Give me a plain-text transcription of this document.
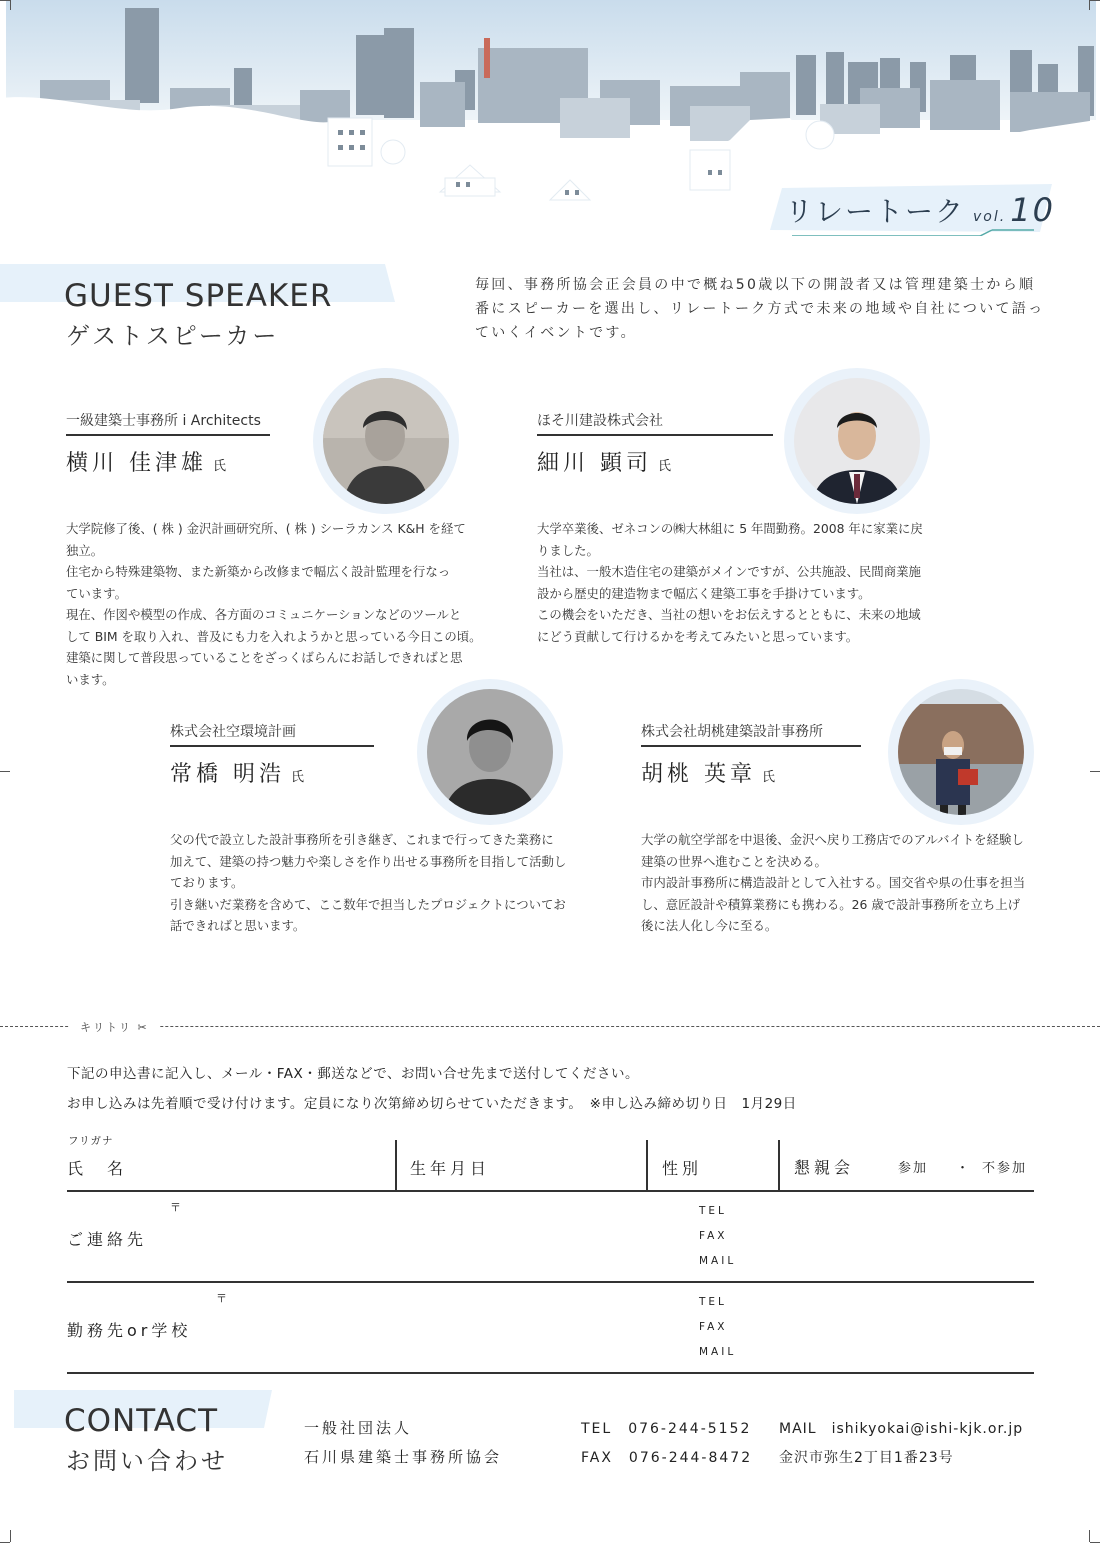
リレートーク vol. 10
GUEST SPEAKER
ゲストスピーカー
毎回、事務所協会正会員の中で概ね50歳以下の開設者又は管理建築士から順番にスピーカーを選出し、リレートーク方式で未来の地域や自社について語っていくイベントです。
一級建築士事務所 i Architects
横川 佳津雄 氏

大学院修了後、( 株 ) 金沢計画研究所、( 株 ) シーラカンス K&H を経て

独立。

住宅から特殊建築物、また新築から改修まで幅広く設計監理を行なっ

ています。

現在、作図や模型の作成、各方面のコミュニケーションなどのツールと

して BIM を取り入れ、普及にも力を入れようかと思っている今日この頃。

建築に関して普段思っていることをざっくばらんにお話しできればと思

います。

ほそ川建設株式会社
細川 顕司 氏

大学卒業後、ゼネコンの㈱大林組に 5 年間勤務。2008 年に家業に戻

りました。

当社は、一般木造住宅の建築がメインですが、公共施設、民間商業施

設から歴史的建造物まで幅広く建築工事を手掛けています。

この機会をいただき、当社の想いをお伝えするとともに、未来の地域

にどう貢献して行けるかを考えてみたいと思っています。

株式会社空環境計画
常橋 明浩 氏

父の代で設立した設計事務所を引き継ぎ、これまで行ってきた業務に

加えて、建築の持つ魅力や楽しさを作り出せる事務所を目指して活動し

ております。

引き継いだ業務を含めて、ここ数年で担当したプロジェクトについてお

話できればと思います。

株式会社胡桃建築設計事務所
胡桃 英章 氏

大学の航空学部を中退後、金沢へ戻り工務店でのアルバイトを経験し

建築の世界へ進むことを決める。

市内設計事務所に構造設計として入社する。国交省や県の仕事を担当

し、意匠設計や積算業務にも携わる。26 歳で設計事務所を立ち上げ

後に法人化し今に至る。

キリトリ ✂
下記の申込書に記入し、メール・FAX・郵送などで、お問い合せ先まで送付してください。
お申し込みは先着順で受け付けます。定員になり次第締め切らせていただきます。　※申し込み締め切り日　1月29日
フリガナ
氏　名	生年月日	性別	懇親会	参加 ・ 不参加
〒
ご連絡先
TEL
FAX
MAIL
〒
勤務先or学校
TEL
FAX
MAIL
CONTACT
お問い合わせ
一般社団法人
石川県建築士事務所協会
TEL　076-244-5152
FAX　076-244-8472
MAIL　ishikyokai@ishi-kjk.or.jp
金沢市弥生2丁目1番23号
